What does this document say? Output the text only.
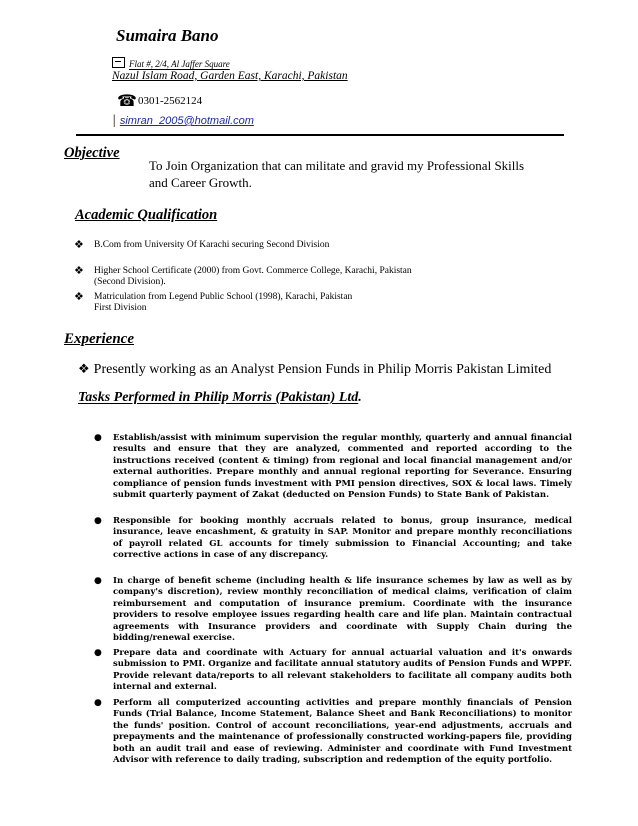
Sumaira Bano
Flat #, 2/4, Al Jaffer Square
Nazul Islam Road, Garden East, Karachi, Pakistan
☎0301-2562124
| simran_2005@hotmail.com
Objective
To Join Organization that can militate and gravid my Professional Skills
and Career Growth.
Academic Qualification
❖ B.Com from University Of Karachi securing Second Division
❖ Higher School Certificate (2000) from Govt. Commerce College, Karachi, Pakistan
(Second Division).
❖ Matriculation from Legend Public School (1998), Karachi, Pakistan
First Division
Experience
❖ Presently working as an Analyst Pension Funds in Philip Morris Pakistan Limited
Tasks Performed in Philip Morris (Pakistan) Ltd.
● Establish/assist with minimum supervision the regular monthly, quarterly and annual financial results and ensure that they are analyzed, commented and reported according to the instructions received (content & timing) from regional and local financial management and/or external authorities. Prepare monthly and annual regional reporting for Severance. Ensuring compliance of pension funds investment with PMI pension directives, SOX & local laws. Timely submit quarterly payment of Zakat (deducted on Pension Funds) to State Bank of Pakistan.
● Responsible for booking monthly accruals related to bonus, group insurance, medical insurance, leave encashment, & gratuity in SAP. Monitor and prepare monthly reconciliations of payroll related GL accounts for timely submission to Financial Accounting; and take corrective actions in case of any discrepancy.
● In charge of benefit scheme (including health & life insurance schemes by law as well as by company's discretion), review monthly reconciliation of medical claims, verification of claim reimbursement and computation of insurance premium. Coordinate with the insurance providers to resolve employee issues regarding health care and life plan. Maintain contractual agreements with Insurance providers and coordinate with Supply Chain during the bidding/renewal exercise.
● Prepare data and coordinate with Actuary for annual actuarial valuation and it's onwards submission to PMI. Organize and facilitate annual statutory audits of Pension Funds and WPPF. Provide relevant data/reports to all relevant stakeholders to facilitate all company audits both internal and external.
● Perform all computerized accounting activities and prepare monthly financials of Pension Funds (Trial Balance, Income Statement, Balance Sheet and Bank Reconciliations) to monitor the funds' position. Control of account reconciliations, year-end adjustments, accruals and prepayments and the maintenance of professionally constructed working-papers file, providing both an audit trail and ease of reviewing. Administer and coordinate with Fund Investment Advisor with reference to daily trading, subscription and redemption of the equity portfolio.
